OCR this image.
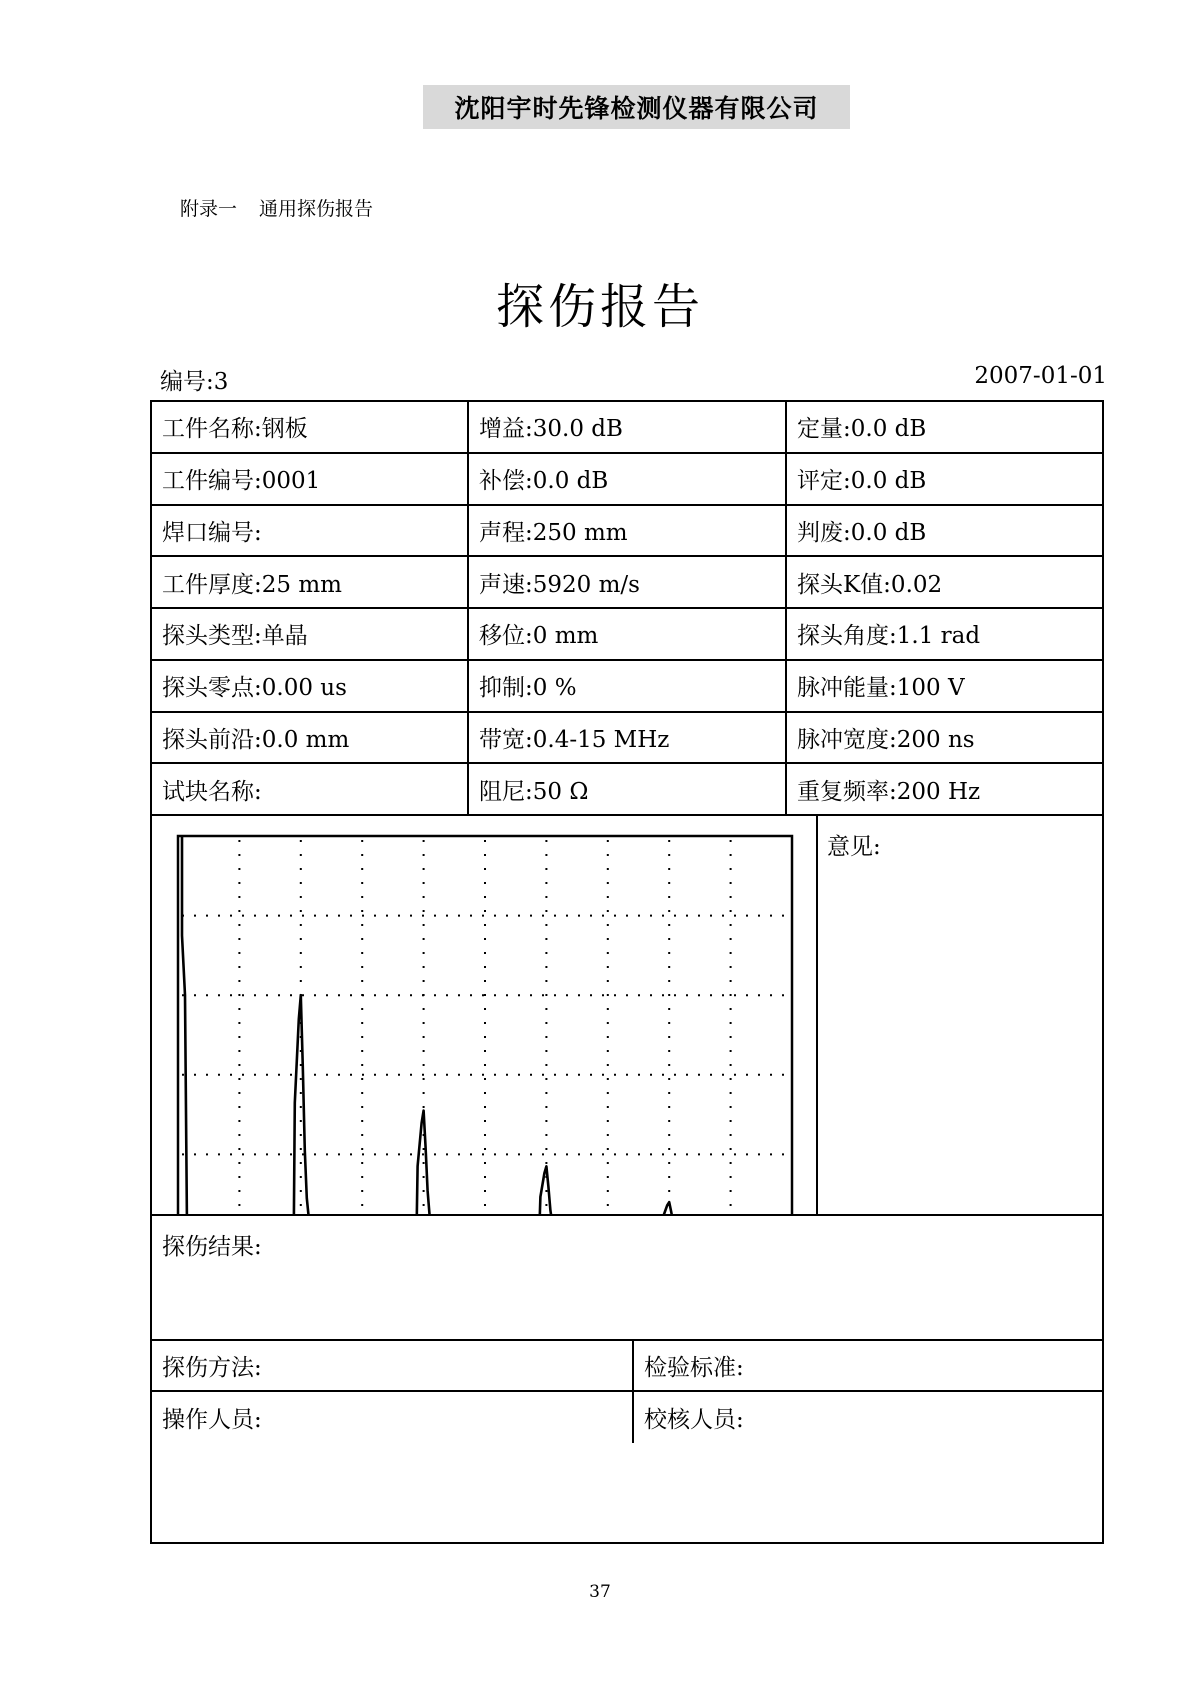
沈阳宇时先锋检测仪器有限公司
附录一 通用探伤报告
探伤报告
编号:3	2007-01-01
工件名称:钢板	增益:30.0 dB	定量:0.0 dB
工件编号:0001	补偿:0.0 dB	评定:0.0 dB
焊口编号:	声程:250 mm	判废:0.0 dB
工件厚度:25 mm	声速:5920 m/s	探头K值:0.02
探头类型:单晶	移位:0 mm	探头角度:1.1 rad
探头零点:0.00 us	抑制:0 %	脉冲能量:100 V
探头前沿:0.0 mm	带宽:0.4-15 MHz	脉冲宽度:200 ns
试块名称:	阻尼:50 Ω	重复频率:200 Hz
意见:
探伤结果:
探伤方法:	检验标准:
操作人员:	校核人员:
37
